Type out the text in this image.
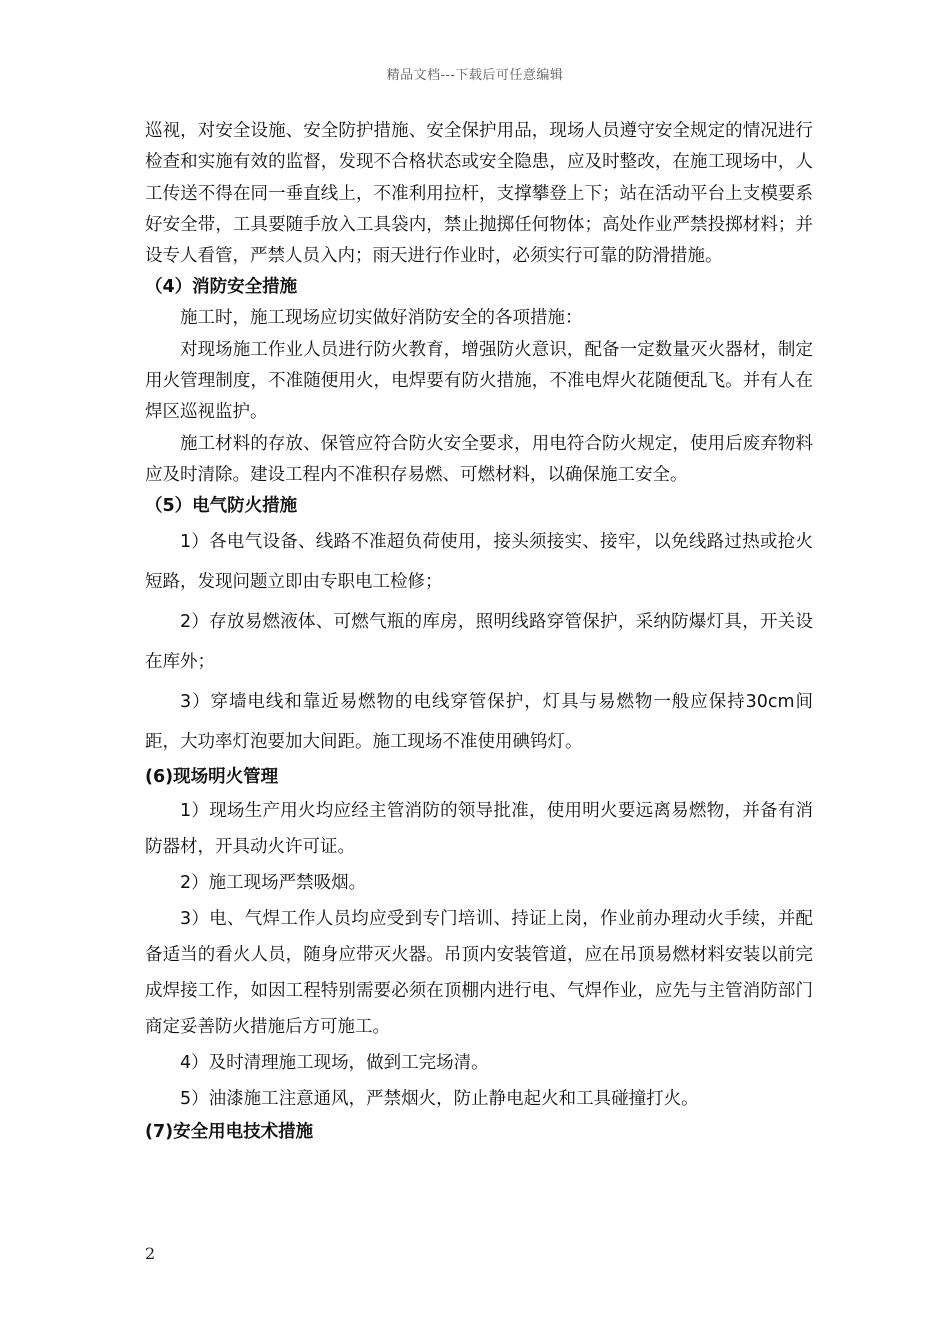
精品文档---下载后可任意编辑

巡视，对安全设施、安全防护措施、安全保护用品，现场人员遵守安全规定的情况进行检查和实施有效的监督，发现不合格状态或安全隐患，应及时整改，在施工现场中，人工传送不得在同一垂直线上，不准利用拉杆，支撑攀登上下；站在活动平台上支模要系好安全带，工具要随手放入工具袋内，禁止抛掷任何物体；高处作业严禁投掷材料；并设专人看管，严禁人员入内；雨天进行作业时，必须实行可靠的防滑措施。

（4）消防安全措施

施工时，施工现场应切实做好消防安全的各项措施：

对现场施工作业人员进行防火教育，增强防火意识，配备一定数量灭火器材，制定用火管理制度，不准随便用火，电焊要有防火措施，不准电焊火花随便乱飞。并有人在焊区巡视监护。

施工材料的存放、保管应符合防火安全要求，用电符合防火规定，使用后废弃物料应及时清除。建设工程内不准积存易燃、可燃材料，以确保施工安全。

（5）电气防火措施

1）各电气设备、线路不准超负荷使用，接头须接实、接牢，以免线路过热或抢火短路，发现问题立即由专职电工检修；

2）存放易燃液体、可燃气瓶的库房，照明线路穿管保护，采纳防爆灯具，开关设在库外；

3）穿墙电线和靠近易燃物的电线穿管保护，灯具与易燃物一般应保持30cm间距，大功率灯泡要加大间距。施工现场不准使用碘钨灯。

(6)现场明火管理

1）现场生产用火均应经主管消防的领导批准，使用明火要远离易燃物，并备有消防器材，开具动火许可证。

2）施工现场严禁吸烟。

3）电、气焊工作人员均应受到专门培训、持证上岗，作业前办理动火手续，并配备适当的看火人员，随身应带灭火器。吊顶内安装管道，应在吊顶易燃材料安装以前完成焊接工作，如因工程特别需要必须在顶棚内进行电、气焊作业，应先与主管消防部门商定妥善防火措施后方可施工。

4）及时清理施工现场，做到工完场清。

5）油漆施工注意通风，严禁烟火，防止静电起火和工具碰撞打火。

(7)安全用电技术措施

2
